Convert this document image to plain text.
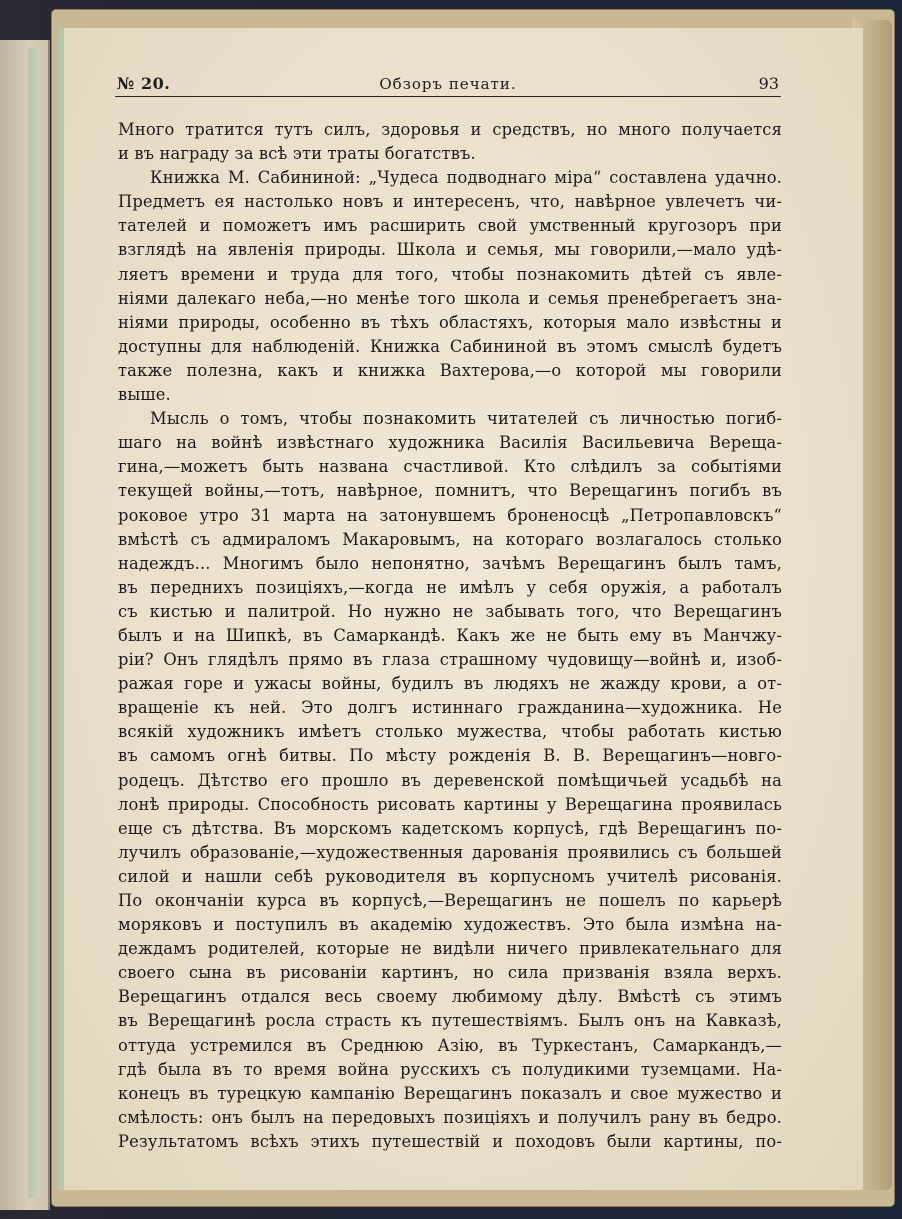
№ 20.	Обзоръ печати.	93
Много тратится тутъ силъ, здоровья и средствъ, но много получается
и въ награду за всѣ эти траты богатствъ.
Книжка М. Сабининой: „Чудеса подводнаго міра“ составлена удачно.
Предметъ ея настолько новъ и интересенъ, что, навѣрное увлечетъ чи-
тателей и поможетъ имъ расширить свой умственный кругозоръ при
взглядѣ на явленія природы. Школа и семья, мы говорили,—мало удѣ-
ляетъ времени и труда для того, чтобы познакомить дѣтей съ явле-
ніями далекаго неба,—но менѣе того школа и семья пренебрегаетъ зна-
ніями природы, особенно въ тѣхъ областяхъ, которыя мало извѣстны и
доступны для наблюденій. Книжка Сабининой въ этомъ смыслѣ будетъ
также полезна, какъ и книжка Вахтерова,—о которой мы говорили
выше.
Мысль о томъ, чтобы познакомить читателей съ личностью погиб-
шаго на войнѣ извѣстнаго художника Василія Васильевича Верещa-
гина,—можетъ быть названа счастливой. Кто слѣдилъ за событіями
текущей войны,—тотъ, навѣрное, помнитъ, что Верещагинъ погибъ въ
роковое утро 31 марта на затонувшемъ броненосцѣ „Петропавловскъ“
вмѣстѣ съ адмираломъ Макаровымъ, на котораго возлагалось столько
надеждъ... Многимъ было непонятно, зачѣмъ Верещагинъ былъ тамъ,
въ переднихъ позиціяхъ,—когда не имѣлъ у себя оружія, а работалъ
съ кистью и палитрой. Но нужно не забывать того, что Верещагинъ
былъ и на Шипкѣ, въ Самаркандѣ. Какъ же не быть ему въ Манчжу-
ріи? Онъ глядѣлъ прямо въ глаза страшному чудовищу—войнѣ и, изоб-
ражая горе и ужасы войны, будилъ въ людяхъ не жажду крови, а от-
вращеніе къ ней. Это долгъ истиннаго гражданина—художника. Не
всякій художникъ имѣетъ столько мужества, чтобы работать кистью
въ самомъ огнѣ битвы. По мѣсту рожденія В. В. Верещагинъ—новго-
родецъ. Дѣтство его прошло въ деревенской помѣщичьей усадьбѣ на
лонѣ природы. Способность рисовать картины у Верещагина проявилась
еще съ дѣтства. Въ морскомъ кадетскомъ корпусѣ, гдѣ Верещагинъ по-
лучилъ образованіе,—художественныя дарованія проявились съ большей
силой и нашли себѣ руководителя въ корпусномъ учителѣ рисованія.
По окончаніи курса въ корпусѣ,—Верещагинъ не пошелъ по карьерѣ
моряковъ и поступилъ въ академію художествъ. Это была измѣна на-
деждамъ родителей, которые не видѣли ничего привлекательнаго для
своего сына въ рисованіи картинъ, но сила призванія взяла верхъ.
Верещагинъ отдался весь своему любимому дѣлу. Вмѣстѣ съ этимъ
въ Верещагинѣ росла страсть къ путешествіямъ. Былъ онъ на Кавказѣ,
оттуда устремился въ Среднюю Азію, въ Туркестанъ, Самаркандъ,—
гдѣ была въ то время война русскихъ съ полудикими туземцами. На-
конецъ въ турецкую кампанію Верещагинъ показалъ и свое мужество и
смѣлость: онъ былъ на передовыхъ позиціяхъ и получилъ рану въ бедро.
Результатомъ всѣхъ этихъ путешествій и походовъ были картины, по-
